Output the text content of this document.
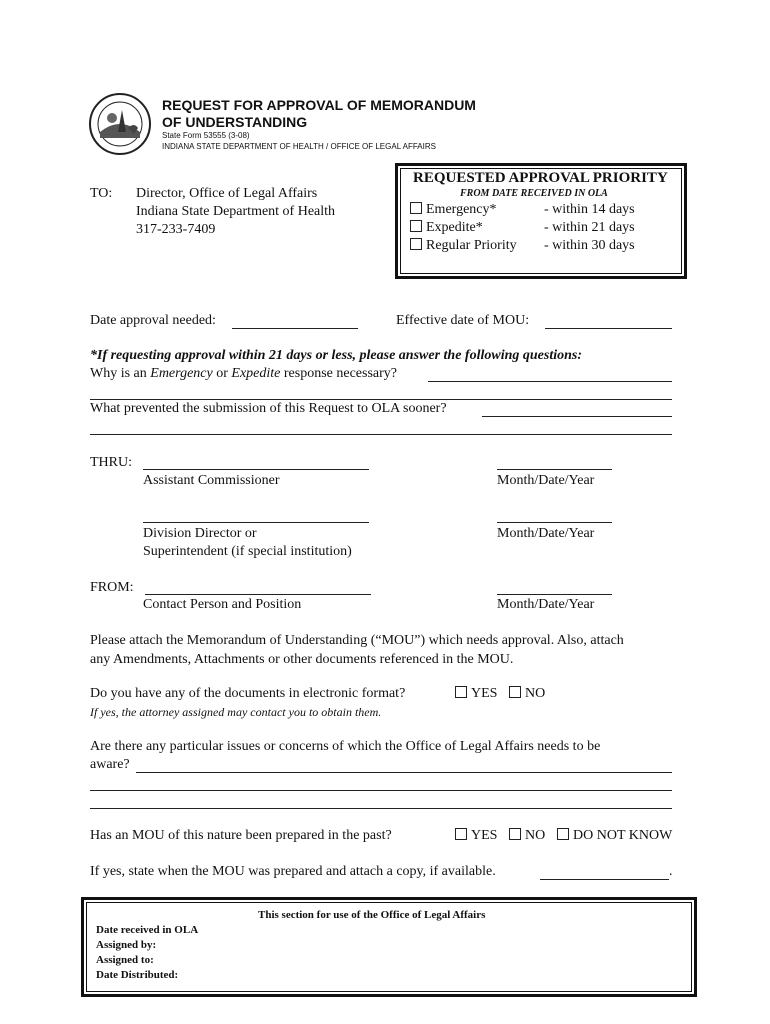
REQUEST FOR APPROVAL OF MEMORANDUM
OF UNDERSTANDING
State Form 53555 (3-08)
INDIANA STATE DEPARTMENT OF HEALTH / OFFICE OF LEGAL AFFAIRS
TO: Director, Office of Legal Affairs
Indiana State Department of Health
317-233-7409
REQUESTED APPROVAL PRIORITY
FROM DATE RECEIVED IN OLA
Emergency*	- within 14 days
Expedite*	- within 21 days
Regular Priority - within 30 days
Date approval needed:	Effective date of MOU:
*If requesting approval within 21 days or less, please answer the following questions:
Why is an Emergency or Expedite response necessary?
What prevented the submission of this Request to OLA sooner?
THRU:
Assistant Commissioner	Month/Date/Year
Division Director or	Month/Date/Year
Superintendent (if special institution)
FROM:
Contact Person and Position	Month/Date/Year
Please attach the Memorandum of Understanding (“MOU”) which needs approval. Also, attach
any Amendments, Attachments or other documents referenced in the MOU.
Do you have any of the documents in electronic format?	YES	NO
If yes, the attorney assigned may contact you to obtain them.
Are there any particular issues or concerns of which the Office of Legal Affairs needs to be
aware?
Has an MOU of this nature been prepared in the past?	YES	NO	DO NOT KNOW
If yes, state when the MOU was prepared and attach a copy, if available.	.
This section for use of the Office of Legal Affairs
Date received in OLA
Assigned by:
Assigned to:
Date Distributed:
